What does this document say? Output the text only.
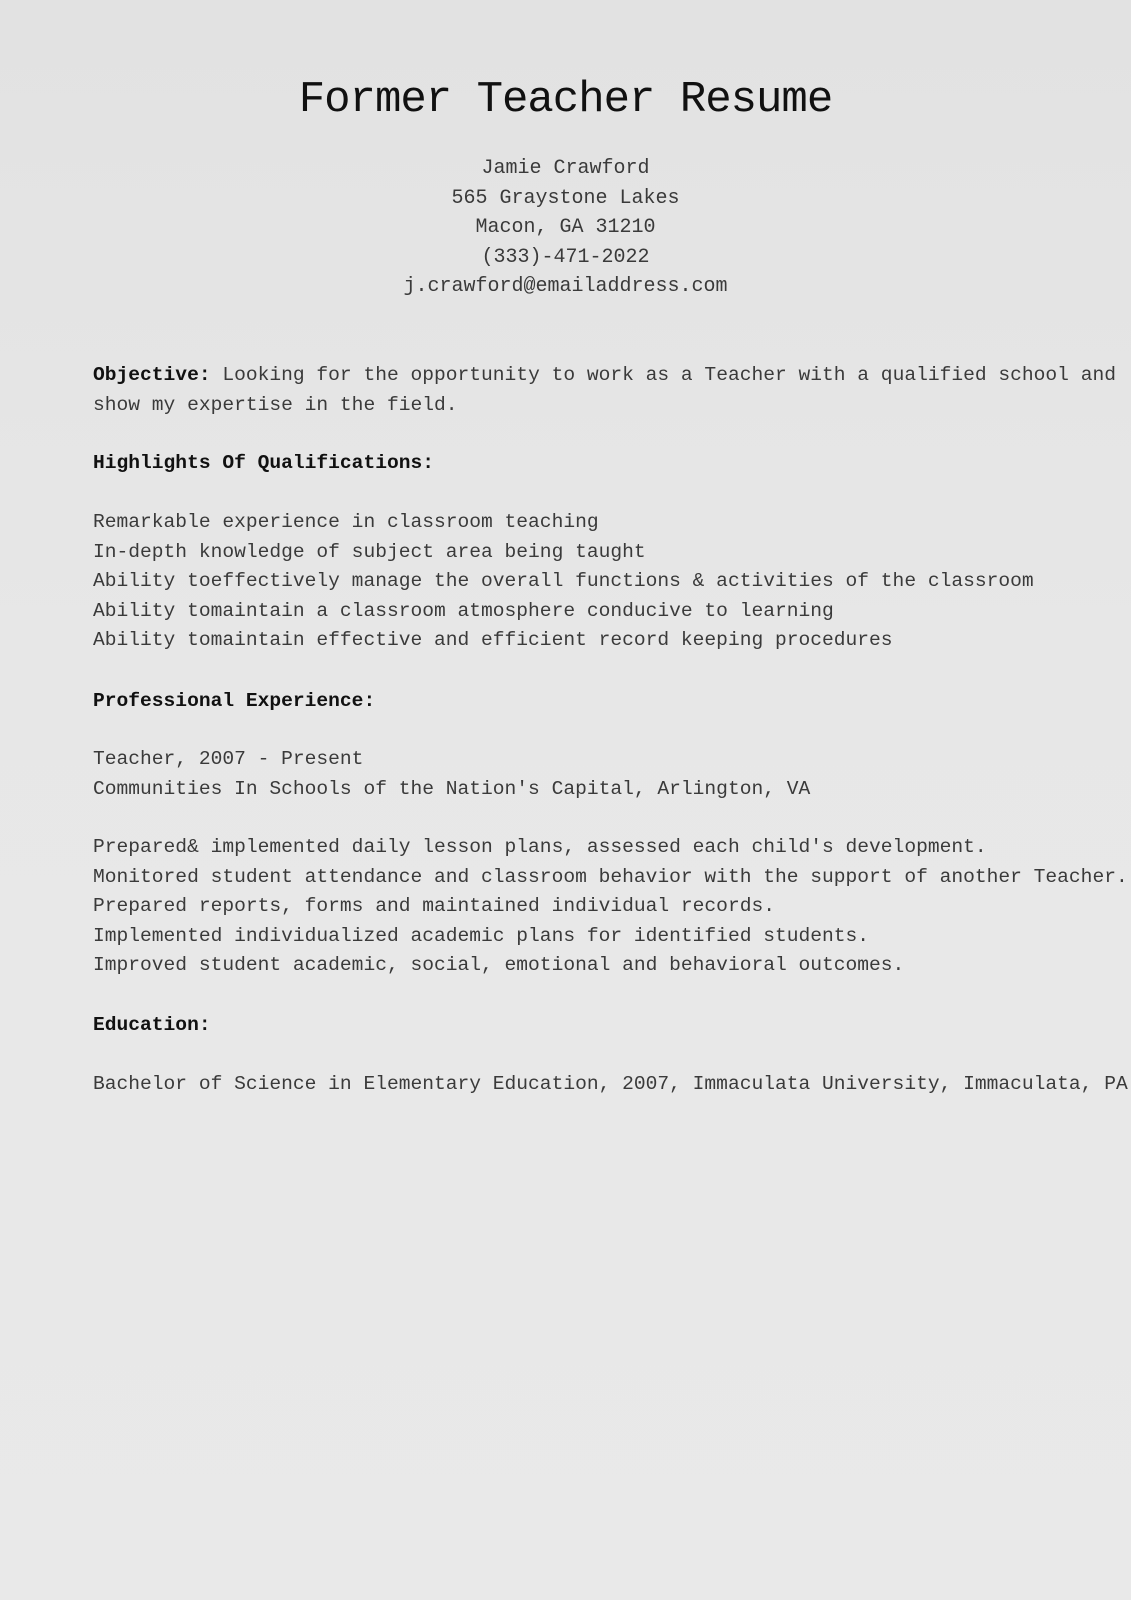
Former Teacher Resume
Jamie Crawford
565 Graystone Lakes
Macon, GA 31210
(333)-471-2022
j.crawford@emailaddress.com
Objective: Looking for the opportunity to work as a Teacher with a qualified school and
show my expertise in the field.
Highlights Of Qualifications:
Remarkable experience in classroom teaching
In-depth knowledge of subject area being taught
Ability toeffectively manage the overall functions & activities of the classroom
Ability tomaintain a classroom atmosphere conducive to learning
Ability tomaintain effective and efficient record keeping procedures
Professional Experience:
Teacher, 2007 - Present
Communities In Schools of the Nation's Capital, Arlington, VA
Prepared& implemented daily lesson plans, assessed each child's development.
Monitored student attendance and classroom behavior with the support of another Teacher.
Prepared reports, forms and maintained individual records.
Implemented individualized academic plans for identified students.
Improved student academic, social, emotional and behavioral outcomes.
Education:
Bachelor of Science in Elementary Education, 2007, Immaculata University, Immaculata, PA
